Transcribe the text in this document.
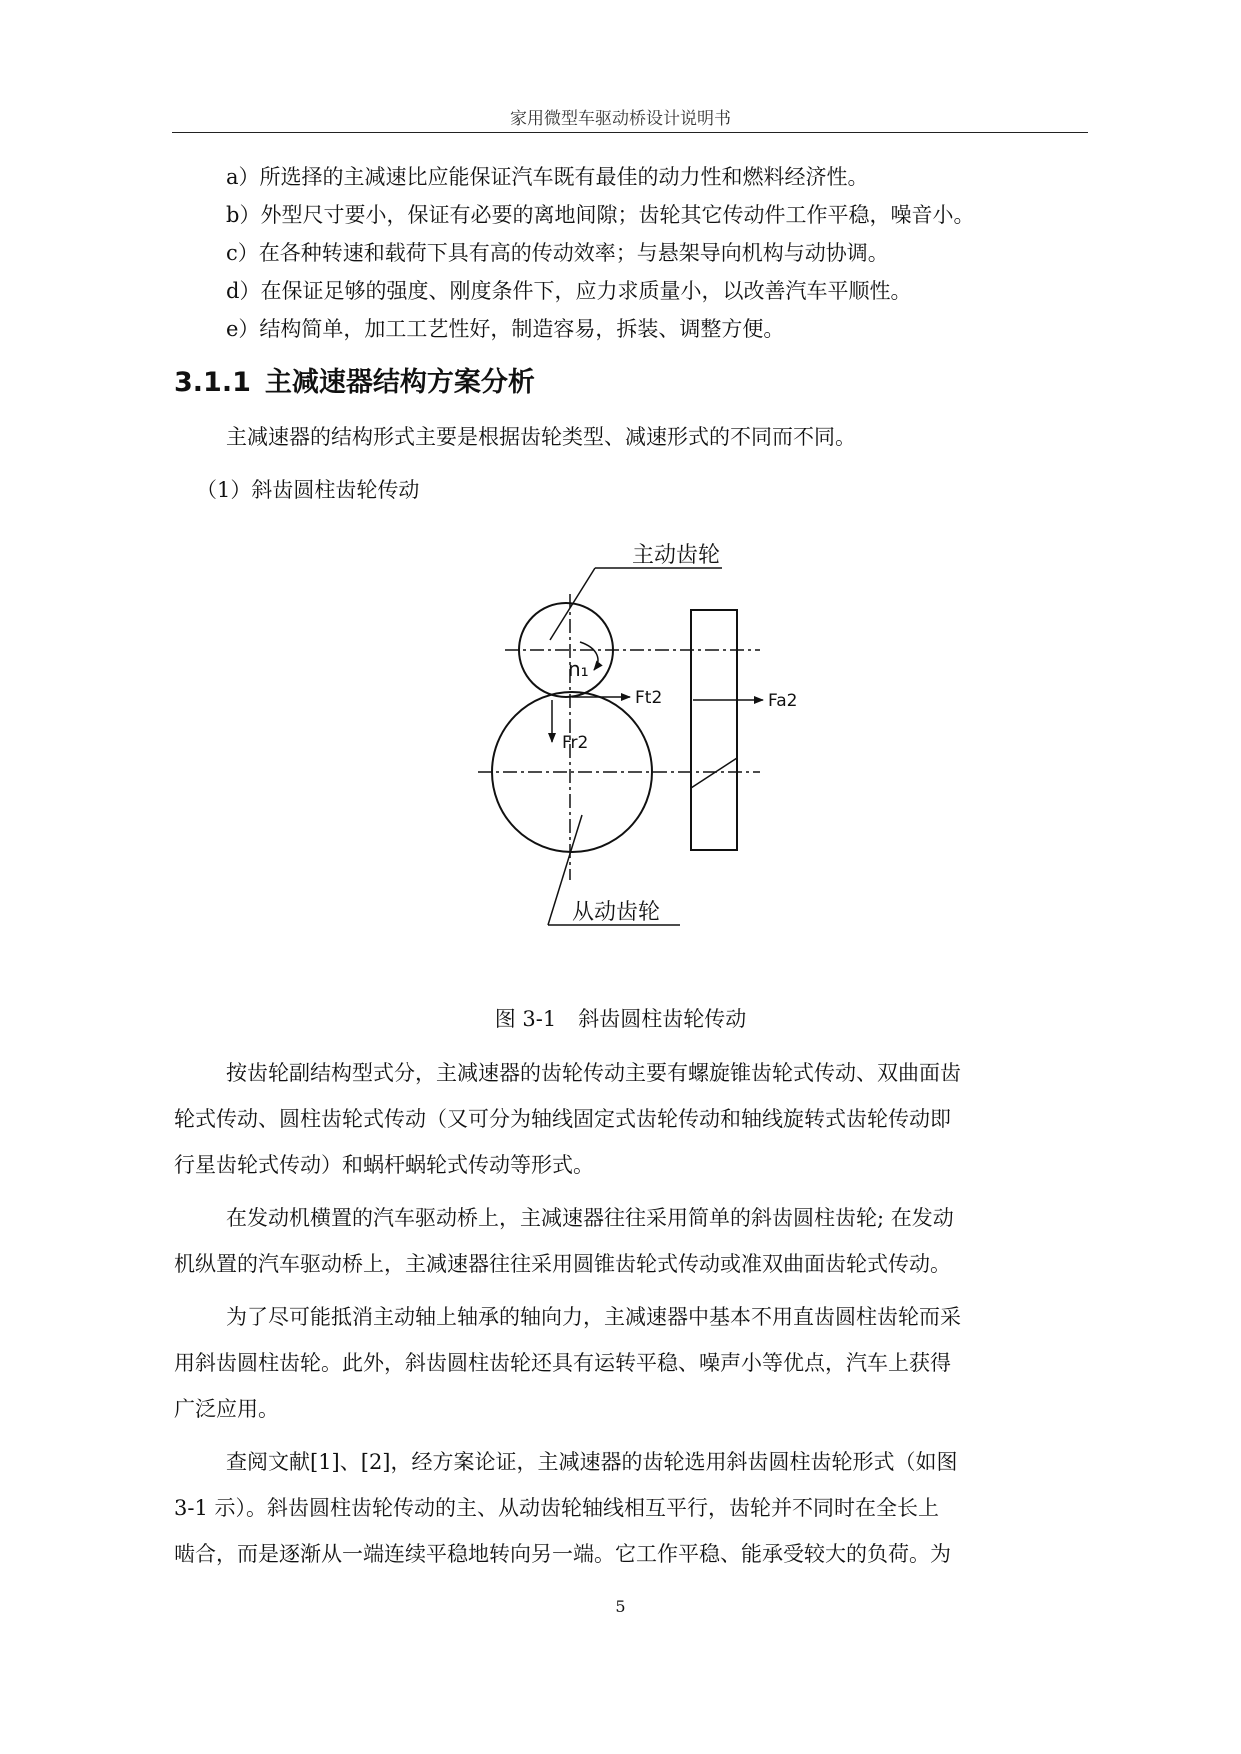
家用微型车驱动桥设计说明书
a）所选择的主减速比应能保证汽车既有最佳的动力性和燃料经济性。
b）外型尺寸要小，保证有必要的离地间隙；齿轮其它传动件工作平稳，噪音小。
c）在各种转速和载荷下具有高的传动效率；与悬架导向机构与动协调。
d）在保证足够的强度、刚度条件下，应力求质量小，以改善汽车平顺性。
e）结构简单，加工工艺性好，制造容易，拆装、调整方便。
3.1.1 主减速器结构方案分析
主减速器的结构形式主要是根据齿轮类型、减速形式的不同而不同。
（1）斜齿圆柱齿轮传动
主动齿轮
n₁
Ft2
Fr2
Fa2
从动齿轮
图 3-1 斜齿圆柱齿轮传动
按齿轮副结构型式分，主减速器的齿轮传动主要有螺旋锥齿轮式传动、双曲面齿
轮式传动、圆柱齿轮式传动（又可分为轴线固定式齿轮传动和轴线旋转式齿轮传动即
行星齿轮式传动）和蜗杆蜗轮式传动等形式。
在发动机横置的汽车驱动桥上，主减速器往往采用简单的斜齿圆柱齿轮; 在发动
机纵置的汽车驱动桥上，主减速器往往采用圆锥齿轮式传动或准双曲面齿轮式传动。
为了尽可能抵消主动轴上轴承的轴向力，主减速器中基本不用直齿圆柱齿轮而采
用斜齿圆柱齿轮。此外，斜齿圆柱齿轮还具有运转平稳、噪声小等优点，汽车上获得
广泛应用。
查阅文献[1]、[2]，经方案论证，主减速器的齿轮选用斜齿圆柱齿轮形式（如图
3-1 示）。斜齿圆柱齿轮传动的主、从动齿轮轴线相互平行，齿轮并不同时在全长上
啮合，而是逐渐从一端连续平稳地转向另一端。它工作平稳、能承受较大的负荷。为
5
